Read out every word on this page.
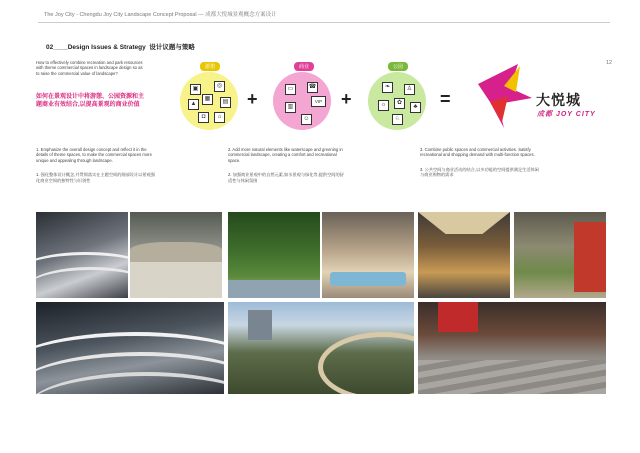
The Joy City - Chengdu Joy City Landscape Concept Proposal — 成都大悦城景观概念方案设计
02____Design Issues & Strategy 设计议题与策略
12
How to effectively combine recreation and park resources with theme commercial spaces in landscape design so as to raise the commercial value of landscape?
如何在景观设计中将游憩、公园资源和主题商业有效结合,以提高景观的商业价值
游憩
▣	◎
▲
▦	▤
◘	⌂
+
商业
▭	☎
▥
VIP
☺
+
公园
❧	♙
☼	✿
♣
♘
=	大悦城
成都 JOY CITY
1. Emphasize the overall design concept and reflect it in the details of theme spaces, to make the commercial spaces more unique and appealing through landscape.
1. 强化整体设计概念,并贯彻落实在主题空间的细部设计以景观强化商业空间的独特性与识别性
2. Add more natural elements like waterscape and greening in commercial landscape, creating a comfort and recreational space.
2. 加强商业景观中的自然元素,如水景观与绿化等,提供空间的舒适性与休闲氛围
3. Combine public spaces and commercial activities. Satisfy recreational and shopping demand with multi-function spaces.
3. 公共空间与商业活动的结合,以多功能的空间提供满足生活休闲与商业购物的需求
